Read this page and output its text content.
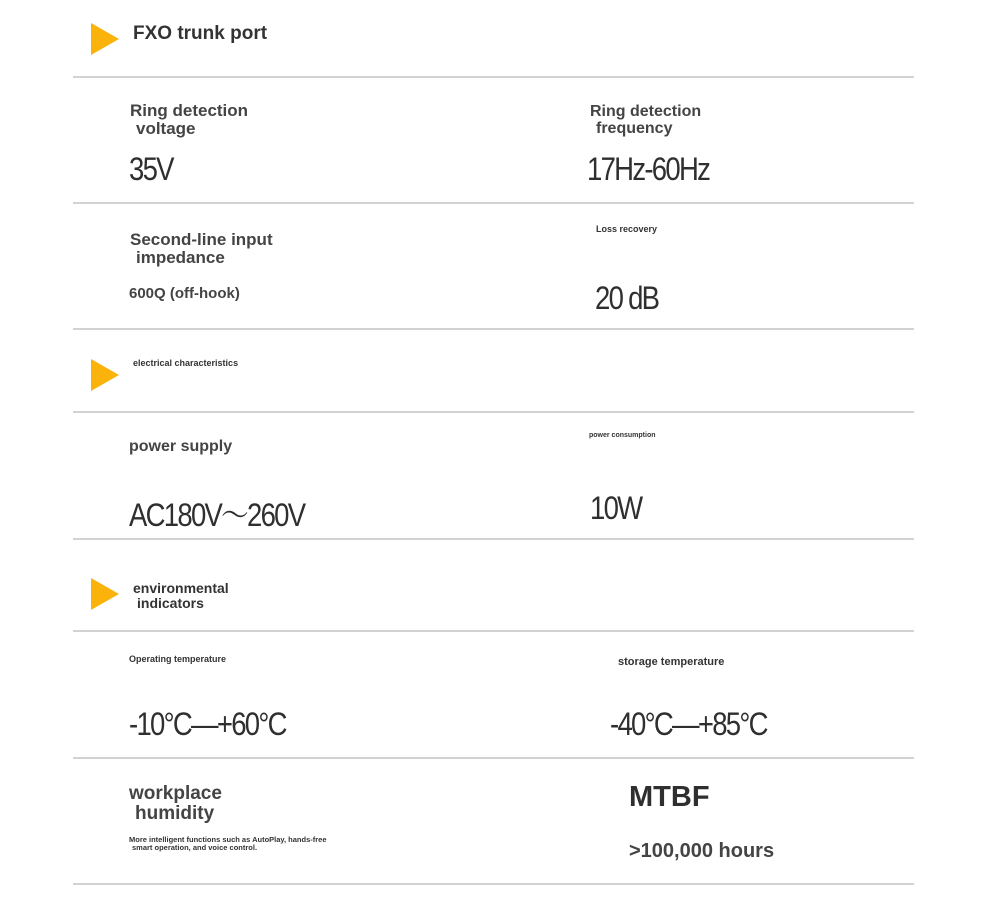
FXO trunk port
Ring detection
voltage
35V
Ring detection
frequency
17Hz-60Hz
Second-line input
impedance
600Q (off-hook)
Loss recovery
20 dB
electrical characteristics
power supply
AC180V～260V
power consumption
10W
environmental
indicators
Operating temperature
-10°C—+60°C
storage temperature
-40°C—+85°C
workplace
humidity
More intelligent functions such as AutoPlay, hands-free
smart operation, and voice control.
MTBF
>100,000 hours
